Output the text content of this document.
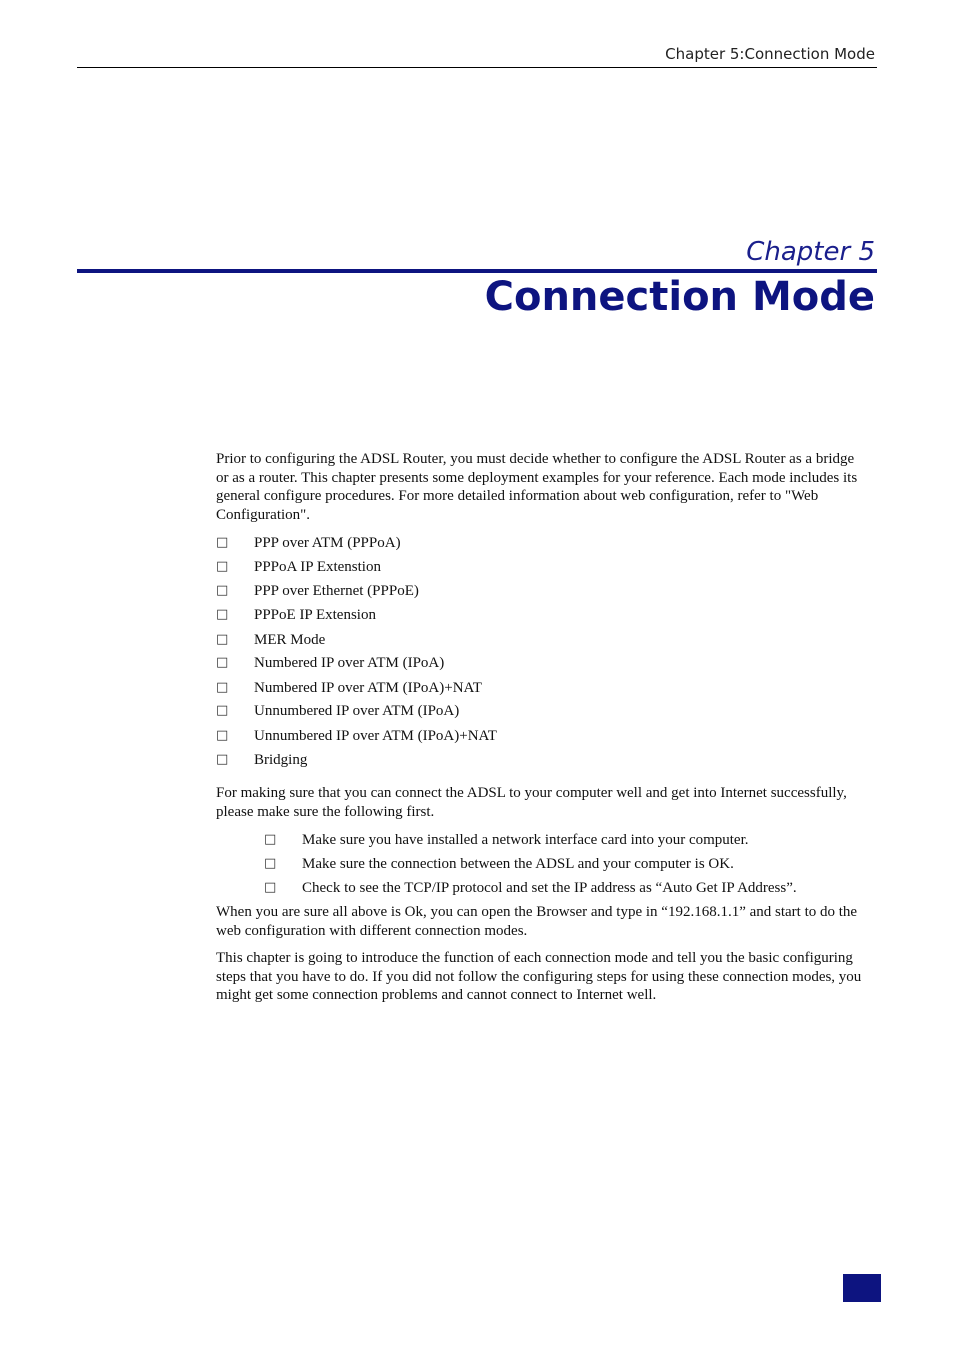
Chapter 5:Connection Mode
Chapter 5
Connection Mode

Prior to configuring the ADSL Router, you must decide whether to configure the ADSL Router as a bridge or as a router. This chapter presents some deployment examples for your reference. Each mode includes its general configure procedures. For more detailed information about web configuration, refer to "Web Configuration".

□ PPP over ATM (PPPoA)
□ PPPoA IP Extenstion
□ PPP over Ethernet (PPPoE)
□ PPPoE IP Extension
□ MER Mode
□ Numbered IP over ATM (IPoA)
□ Numbered IP over ATM (IPoA)+NAT
□ Unnumbered IP over ATM (IPoA)
□ Unnumbered IP over ATM (IPoA)+NAT
□ Bridging

For making sure that you can connect the ADSL to your computer well and get into Internet successfully, please make sure the following first.

□ Make sure you have installed a network interface card into your computer.
□ Make sure the connection between the ADSL and your computer is OK.
□ Check to see the TCP/IP protocol and set the IP address as “Auto Get IP Address”.

When you are sure all above is Ok, you can open the Browser and type in “192.168.1.1” and start to do the web configuration with different connection modes.

This chapter is going to introduce the function of each connection mode and tell you the basic configuring steps that you have to do. If you did not follow the configuring steps for using these connection modes, you might get some connection problems and cannot connect to Internet well.
